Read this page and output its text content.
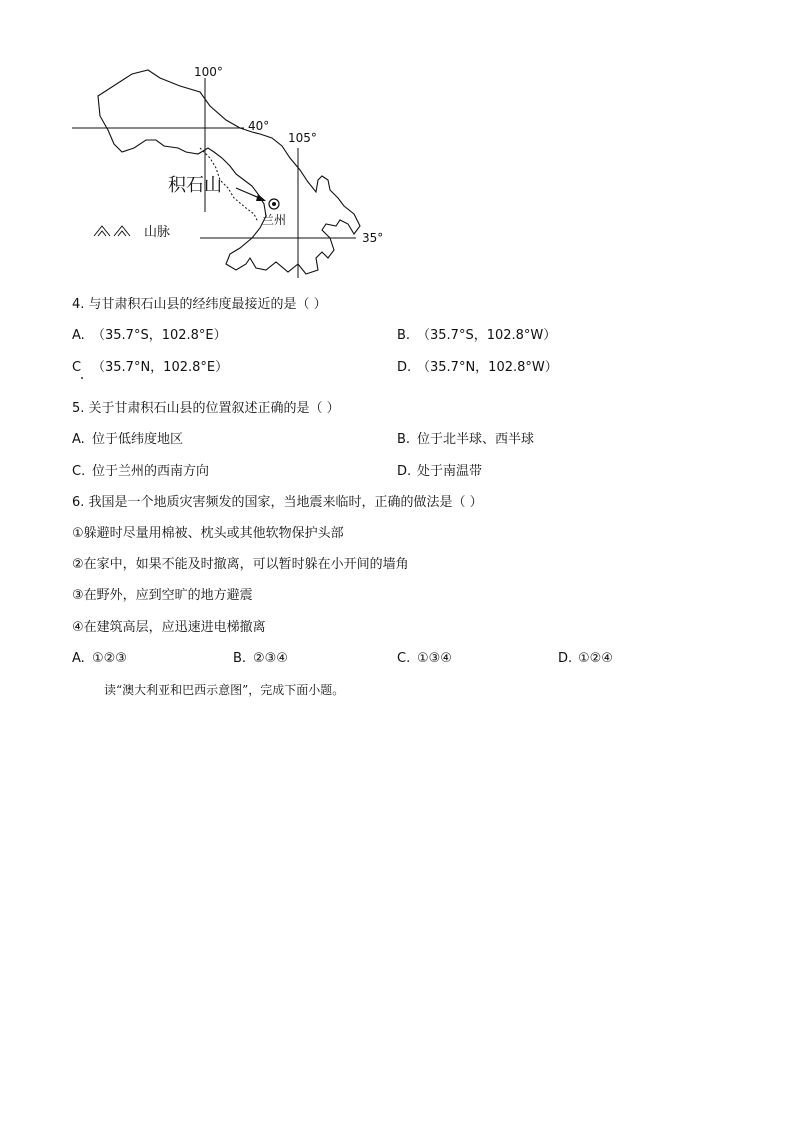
100°
40°
105°
35°
积石山
兰州
山脉
4. 与甘肃积石山县的经纬度最接近的是（ ）
A. （35.7°S，102.8°E）	B. （35.7°S，102.8°W）
C （35.7°N，102.8°E）	D. （35.7°N，102.8°W）
5. 关于甘肃积石山县的位置叙述正确的是（ ）
A. 位于低纬度地区	B. 位于北半球、西半球
C. 位于兰州的西南方向	D. 处于南温带
6. 我国是一个地质灾害频发的国家，当地震来临时，正确的做法是（ ）
①躲避时尽量用棉被、枕头或其他软物保护头部
②在家中，如果不能及时撤离，可以暂时躲在小开间的墙角
③在野外，应到空旷的地方避震
④在建筑高层，应迅速进电梯撤离
A. ①②③	B. ②③④	C. ①③④	D. ①②④
读“澳大利亚和巴西示意图”，完成下面小题。
